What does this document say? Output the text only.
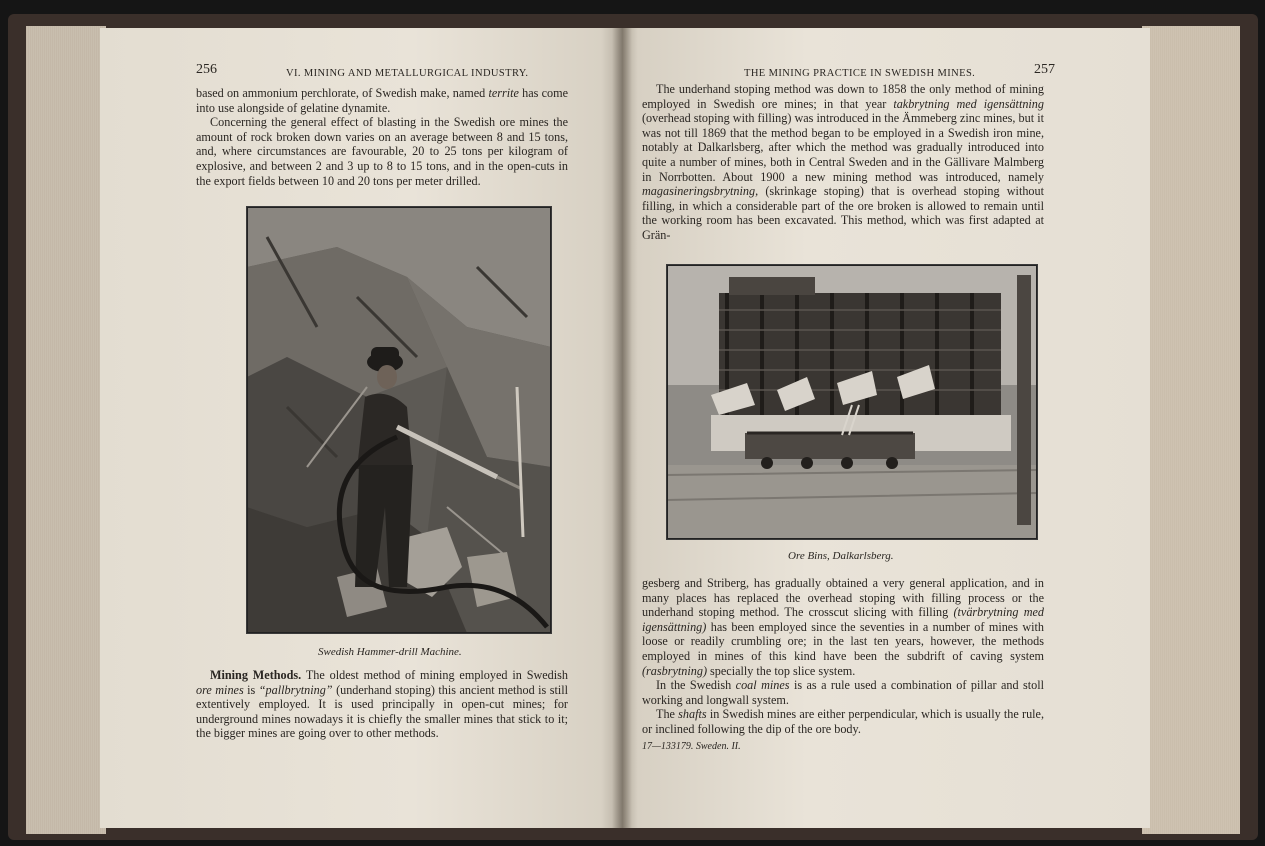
256	VI. MINING AND METALLURGICAL INDUSTRY.

based on ammonium perchlorate, of Swedish make, named territe has come into use alongside of gelatine dynamite.

Concerning the general effect of blasting in the Swedish ore mines the amount of rock broken down varies on an average between 8 and 15 tons, and, where circumstances are favourable, 20 to 25 tons per kilogram of explosive, and between 2 and 3 up to 8 to 15 tons, and in the open-cuts in the export fields between 10 and 20 tons per meter drilled.

Swedish Hammer-drill Machine.

Mining Methods. The oldest method of mining employed in Swedish ore mines is “pallbrytning” (underhand stoping) this ancient method is still extentively employed. It is used principally in open-cut mines; for underground mines nowadays it is chiefly the smaller mines that stick to it; the bigger mines are going over to other methods.

THE MINING PRACTICE IN SWEDISH MINES.	257

The underhand stoping method was down to 1858 the only method of mining employed in Swedish ore mines; in that year takbrytning med igensättning (overhead stoping with filling) was introduced in the Ämmeberg zinc mines, but it was not till 1869 that the method began to be employed in a Swedish iron mine, notably at Dalkarlsberg, after which the method was gradually introduced into quite a number of mines, both in Central Sweden and in the Gällivare Malmberg in Norrbotten. About 1900 a new mining method was introduced, namely magasineringsbrytning, (skrinkage stoping) that is overhead stoping without filling, in which a considerable part of the ore broken is allowed to remain until the working room has been excavated. This method, which was first adapted at Grän-

Ore Bins, Dalkarlsberg.

gesberg and Striberg, has gradually obtained a very general application, and in many places has replaced the overhead stoping with filling process or the underhand stoping method. The crosscut slicing with filling (tvärbrytning med igensättning) has been employed since the seventies in a number of mines with loose or readily crumbling ore; in the last ten years, however, the methods employed in mines of this kind have been the subdrift of caving system (rasbrytning) specially the top slice system.

In the Swedish coal mines is as a rule used a combination of pillar and stoll working and longwall system.

The shafts in Swedish mines are either perpendicular, which is usually the rule, or inclined following the dip of the ore body.

17—133179. Sweden. II.
